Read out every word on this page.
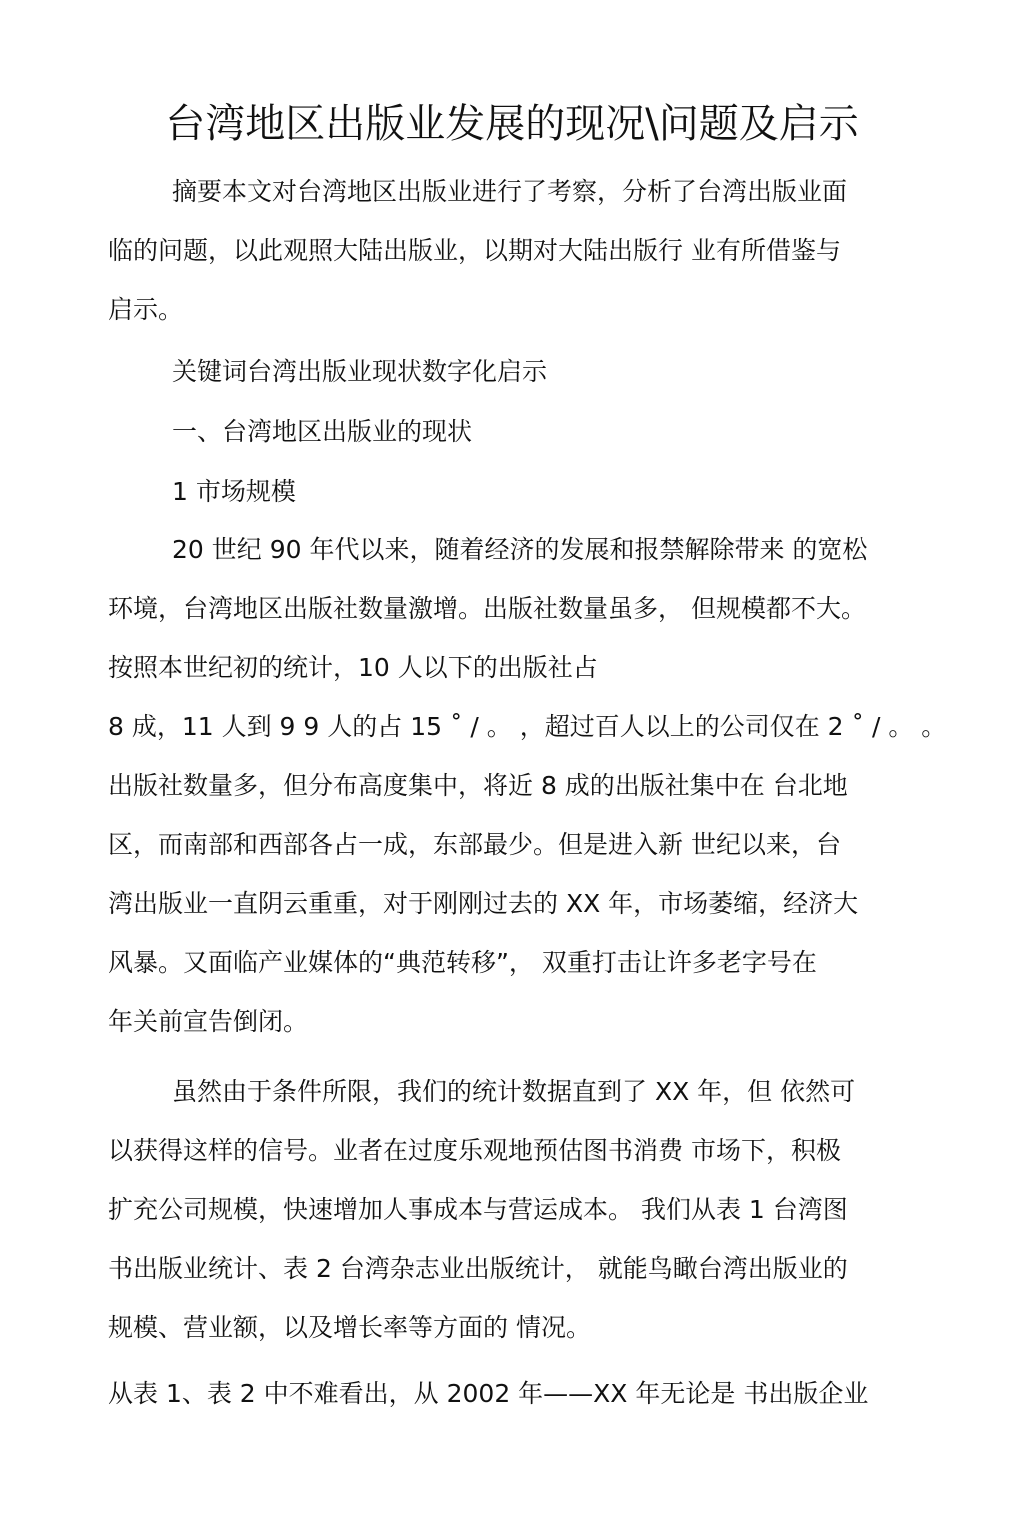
台湾地区出版业发展的现况\问题及启示
摘要本文对台湾地区出版业进行了考察，分析了台湾出版业面
临的问题，以此观照大陆出版业，以期对大陆出版行 业有所借鉴与
启示。
关键词台湾出版业现状数字化启示
一、台湾地区出版业的现状
1 市场规模
20 世纪 90 年代以来，随着经济的发展和报禁解除带来 的宽松
环境，台湾地区出版社数量激增。出版社数量虽多， 但规模都不大。
按照本世纪初的统计，10 人以下的出版社占
8 成，11 人到 9 9 人的占 15 ˚ / 。 ，超过百人以上的公司仅在 2 ˚ / 。 。
出版社数量多，但分布高度集中，将近 8 成的出版社集中在 台北地
区，而南部和西部各占一成，东部最少。但是进入新 世纪以来，台
湾出版业一直阴云重重，对于刚刚过去的 XX 年，市场萎缩，经济大
风暴。又面临产业媒体的“典范转移”， 双重打击让许多老字号在
年关前宣告倒闭。
虽然由于条件所限，我们的统计数据直到了 XX 年，但 依然可
以获得这样的信号。业者在过度乐观地预估图书消费 市场下，积极
扩充公司规模，快速增加人事成本与营运成本。 我们从表 1 台湾图
书出版业统计、表 2 台湾杂志业出版统计， 就能鸟瞰台湾出版业的
规模、营业额，以及增长率等方面的 情况。
从表 1、表 2 中不难看出，从 2002 年——XX 年无论是 书出版企业
